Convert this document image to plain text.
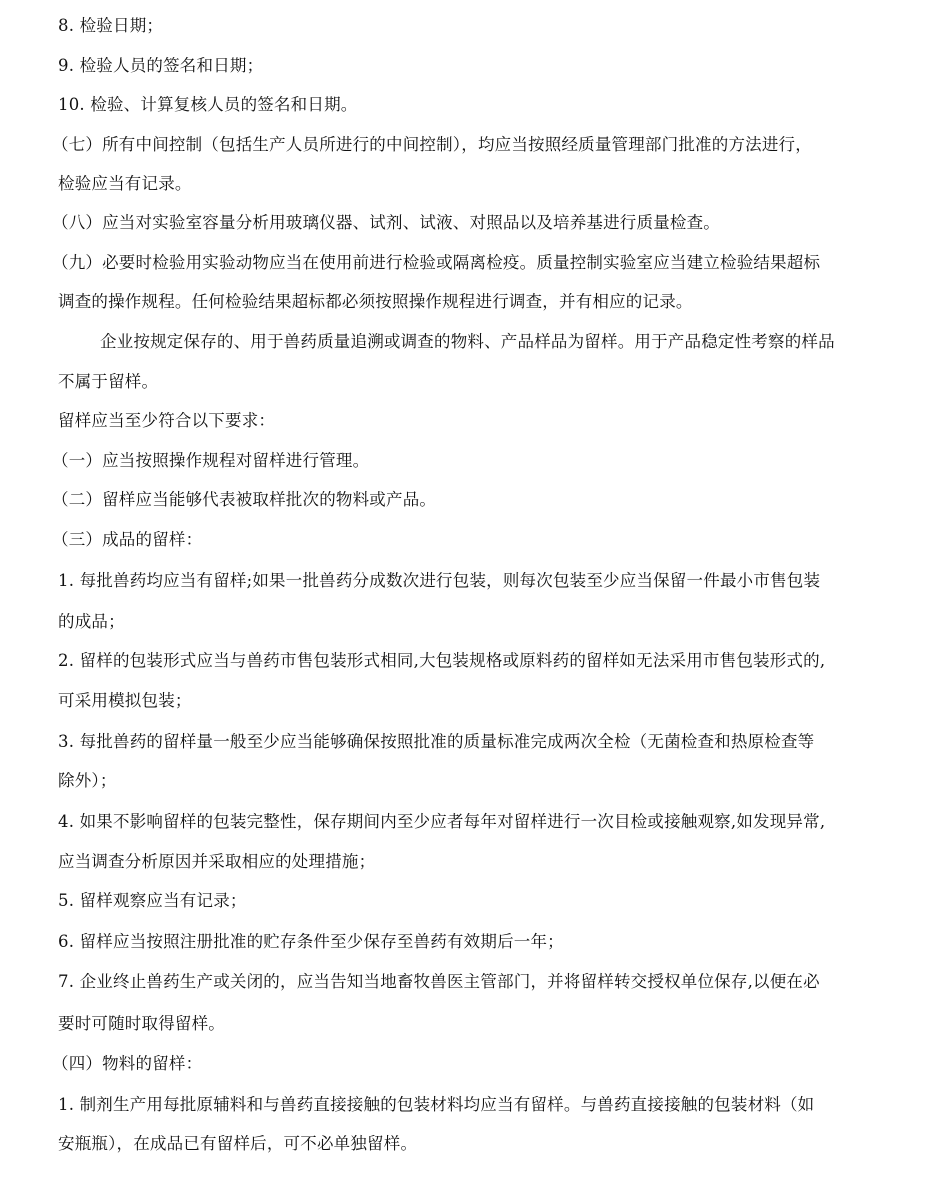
8. 检验日期；
9. 检验人员的签名和日期；
10. 检验、计算复核人员的签名和日期。
（七）所有中间控制（包括生产人员所进行的中间控制），均应当按照经质量管理部门批准的方法进行，
检验应当有记录。
（八）应当对实验室容量分析用玻璃仪器、试剂、试液、对照品以及培养基进行质量检查。
（九）必要时检验用实验动物应当在使用前进行检验或隔离检疫。质量控制实验室应当建立检验结果超标
调查的操作规程。任何检验结果超标都必须按照操作规程进行调查，并有相应的记录。
企业按规定保存的、用于兽药质量追溯或调查的物料、产品样品为留样。用于产品稳定性考察的样品
不属于留样。
留样应当至少符合以下要求：
（一）应当按照操作规程对留样进行管理。
（二）留样应当能够代表被取样批次的物料或产品。
（三）成品的留样：
1. 每批兽药均应当有留样;如果一批兽药分成数次进行包装，则每次包装至少应当保留一件最小市售包装
的成品；
2. 留样的包装形式应当与兽药市售包装形式相同,大包装规格或原料药的留样如无法采用市售包装形式的,
可采用模拟包装；
3. 每批兽药的留样量一般至少应当能够确保按照批准的质量标准完成两次全检（无菌检查和热原检查等
除外）；
4. 如果不影响留样的包装完整性，保存期间内至少应者每年对留样进行一次目检或接触观察,如发现异常,
应当调查分析原因并采取相应的处理措施；
5. 留样观察应当有记录；
6. 留样应当按照注册批准的贮存条件至少保存至兽药有效期后一年；
7. 企业终止兽药生产或关闭的，应当告知当地畜牧兽医主管部门，并将留样转交授权单位保存,以便在必
要时可随时取得留样。
（四）物料的留样：
1. 制剂生产用每批原辅料和与兽药直接接触的包装材料均应当有留样。与兽药直接接触的包装材料（如
安瓶瓶），在成品已有留样后，可不必单独留样。
